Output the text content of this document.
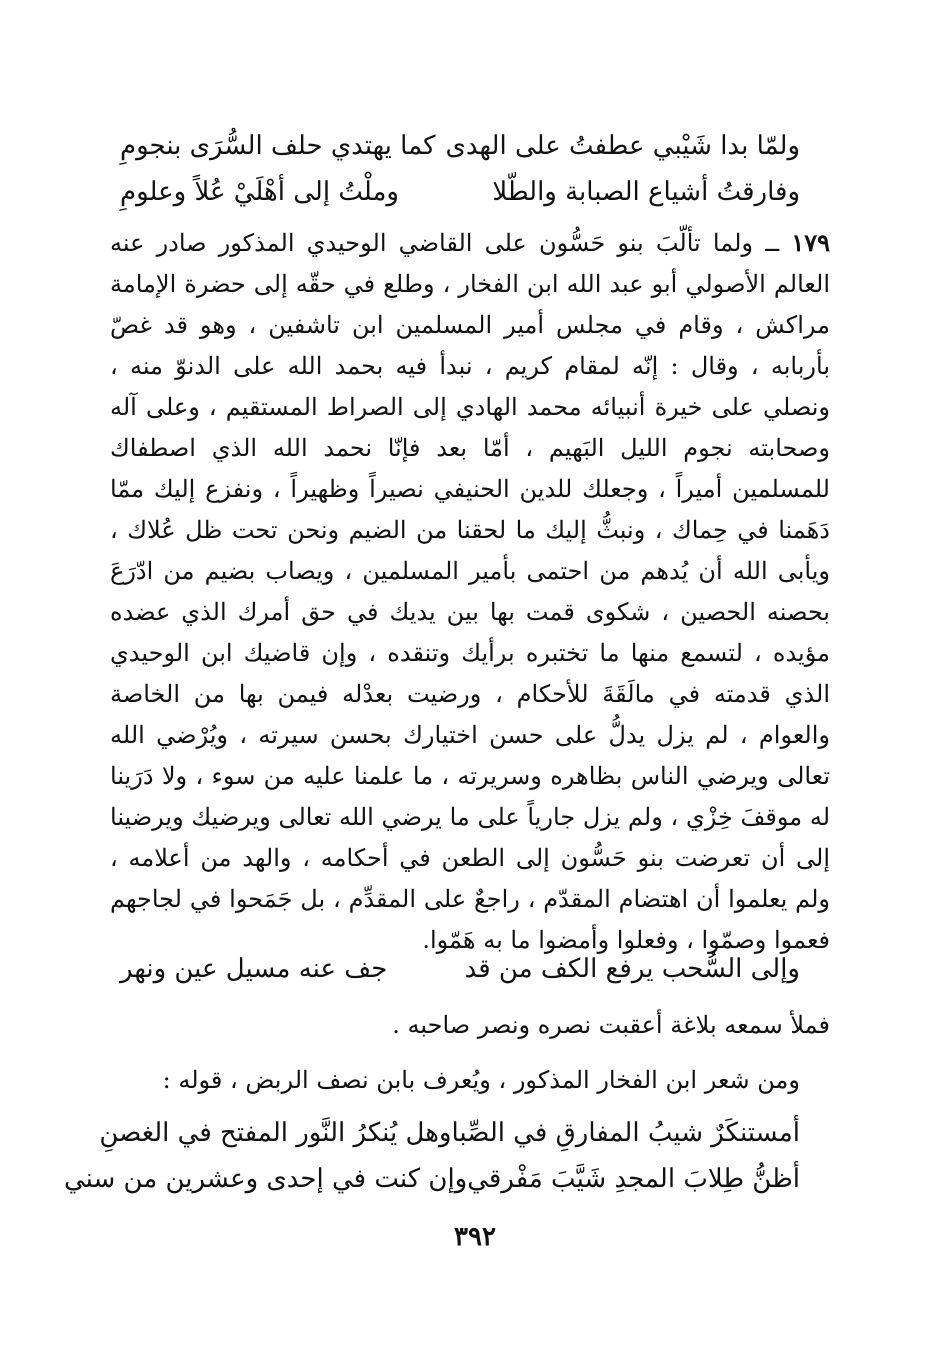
ولمّا بدا شَيْبي عطفتُ على الهدى
كما يهتدي حلف السُّرَى بنجومِ
وفارقتُ أشياع الصبابة والطّلا
وملْتُ إلى أهْلَيْ عُلاً وعلومِ

١٧٩ ــ ولما تألّبَ بنو حَسُّون على القاضي الوحيدي المذكور صادر عنه العالم الأصولي أبو عبد الله ابن الفخار ، وطلع في حقّه إلى حضرة الإمامة مراكش ، وقام في مجلس أمير المسلمين ابن تاشفين ، وهو قد غصّ بأربابه ، وقال : إنّه لمقام كريم ، نبدأ فيه بحمد الله على الدنوّ منه ، ونصلي على خيرة أنبيائه محمد الهادي إلى الصراط المستقيم ، وعلى آله وصحابته نجوم الليل البَهيم ، أمّا بعد فإنّا نحمد الله الذي اصطفاك للمسلمين أميراً ، وجعلك للدين الحنيفي نصيراً وظهيراً ، ونفزع إليك ممّا دَهَمنا في حِماك ، ونبثُّ إليك ما لحقنا من الضيم ونحن تحت ظل عُلاك ، ويأبى الله أن يُدهم من احتمى بأمير المسلمين ، ويصاب بضيم من ادّرَعَ بحصنه الحصين ، شكوى قمت بها بين يديك في حق أمرك الذي عضده مؤيده ، لتسمع منها ما تختبره برأيك وتنقده ، وإن قاضيك ابن الوحيدي الذي قدمته في مالَقَةَ للأحكام ، ورضيت بعدْله فيمن بها من الخاصة والعوام ، لم يزل يدلُّ على حسن اختيارك بحسن سيرته ، ويُرْضي الله تعالى ويرضي الناس بظاهره وسريرته ، ما علمنا عليه من سوء ، ولا دَرَينا له موقفَ خِزْي ، ولم يزل جارياً على ما يرضي الله تعالى ويرضيك ويرضينا إلى أن تعرضت بنو حَسُّون إلى الطعن في أحكامه ، والهد من أعلامه ، ولم يعلموا أن اهتضام المقدّم ، راجعٌ على المقدِّم ، بل جَمَحوا في لجاجهم فعموا وصمّوا ، وفعلوا وأمضوا ما به هَمّوا.

وإلى السُّحب يرفع الكف من قد
جف عنه مسيل عين ونهر
فملأ سمعه بلاغة أعقبت نصره ونصر صاحبه .
ومن شعر ابن الفخار المذكور ، ويُعرف بابن نصف الربض ، قوله :
أمستنكَرٌ شيبُ المفارقِ في الصِّبا
وهل يُنكرُ النَّور المفتح في الغصنِ
أظنُّ طِلابَ المجدِ شَيَّبَ مَفْرقي
وإن كنت في إحدى وعشرين من سني
٣٩٢
